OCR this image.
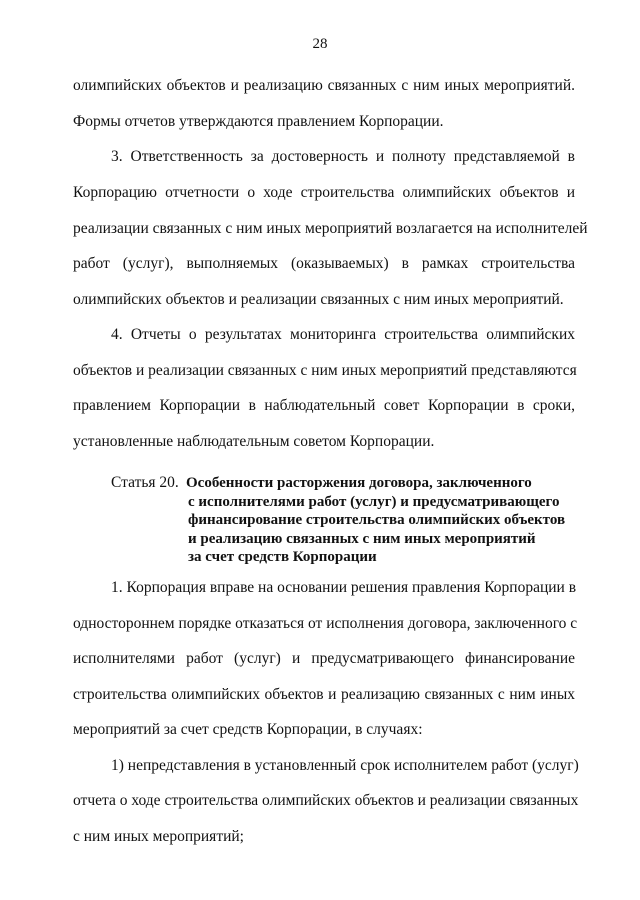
28
олимпийских объектов и реализацию связанных с ним иных мероприятий.
Формы отчетов утверждаются правлением Корпорации.
3. Ответственность за достоверность и полноту представляемой в
Корпорацию отчетности о ходе строительства олимпийских объектов и
реализации связанных с ним иных мероприятий возлагается на исполнителей
работ (услуг), выполняемых (оказываемых) в рамках строительства
олимпийских объектов и реализации связанных с ним иных мероприятий.
4. Отчеты о результатах мониторинга строительства олимпийских
объектов и реализации связанных с ним иных мероприятий представляются
правлением Корпорации в наблюдательный совет Корпорации в сроки,
установленные наблюдательным советом Корпорации.
Статья 20. Особенности расторжения договора, заключенного
с исполнителями работ (услуг) и предусматривающего
финансирование строительства олимпийских объектов
и реализацию связанных с ним иных мероприятий
за счет средств Корпорации
1. Корпорация вправе на основании решения правления Корпорации в
одностороннем порядке отказаться от исполнения договора, заключенного с
исполнителями работ (услуг) и предусматривающего финансирование
строительства олимпийских объектов и реализацию связанных с ним иных
мероприятий за счет средств Корпорации, в случаях:
1) непредставления в установленный срок исполнителем работ (услуг)
отчета о ходе строительства олимпийских объектов и реализации связанных
с ним иных мероприятий;
